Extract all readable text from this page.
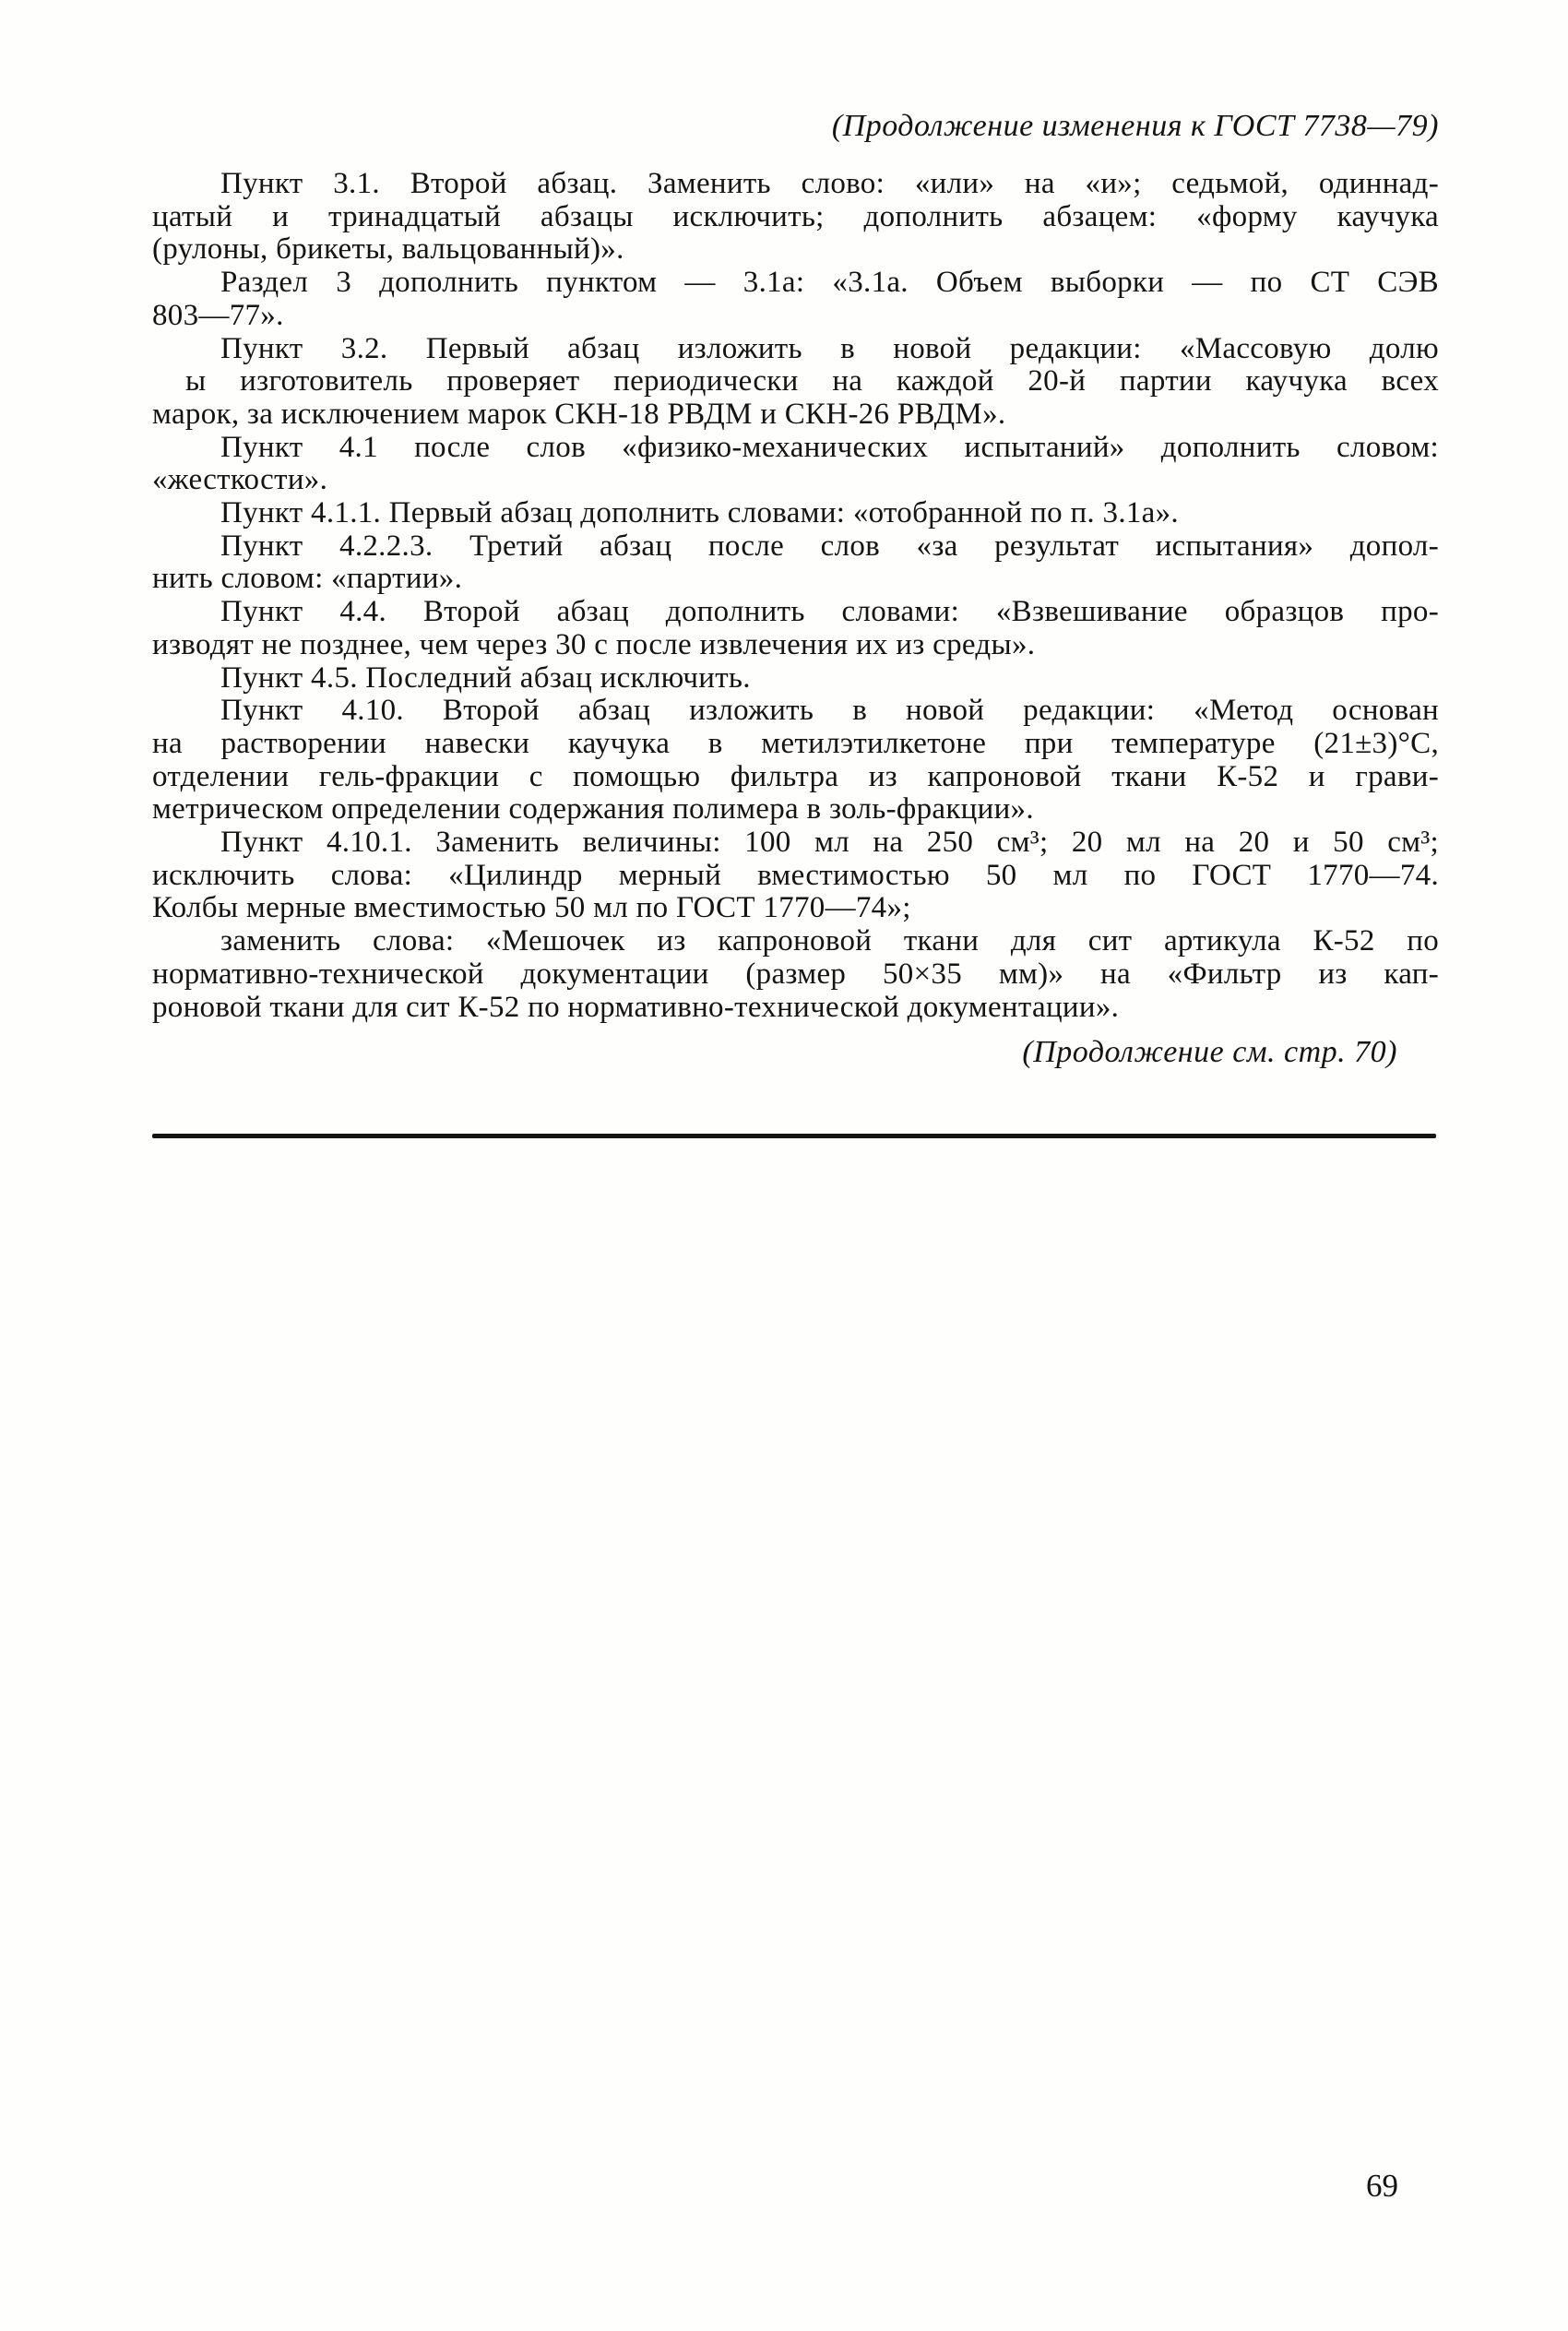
(Продолжение изменения к ГОСТ 7738—79)
Пункт 3.1. Второй абзац. Заменить слово: «или» на «и»; седьмой, одиннад-
цатый и тринадцатый абзацы исключить; дополнить абзацем: «форму каучука
(рулоны, брикеты, вальцованный)».
Раздел 3 дополнить пунктом — 3.1а: «3.1а. Объем выборки — по СТ СЭВ
803—77».
Пункт 3.2. Первый абзац изложить в новой редакции: «Массовую долю
ы изготовитель проверяет периодически на каждой 20-й партии каучука всех
марок, за исключением марок СКН-18 РВДМ и СКН-26 РВДМ».
Пункт 4.1 после слов «физико-механических испытаний» дополнить словом:
«жесткости».
Пункт 4.1.1. Первый абзац дополнить словами: «отобранной по п. 3.1а».
Пункт 4.2.2.3. Третий абзац после слов «за результат испытания» допол-
нить словом: «партии».
Пункт 4.4. Второй абзац дополнить словами: «Взвешивание образцов про-
изводят не позднее, чем через 30 с после извлечения их из среды».
Пункт 4.5. Последний абзац исключить.
Пункт 4.10. Второй абзац изложить в новой редакции: «Метод основан
на растворении навески каучука в метилэтилкетоне при температуре (21±3)°С,
отделении гель-фракции с помощью фильтра из капроновой ткани К-52 и грави-
метрическом определении содержания полимера в золь-фракции».
Пункт 4.10.1. Заменить величины: 100 мл на 250 см³; 20 мл на 20 и 50 см³;
исключить слова: «Цилиндр мерный вместимостью 50 мл по ГОСТ 1770—74.
Колбы мерные вместимостью 50 мл по ГОСТ 1770—74»;
заменить слова: «Мешочек из капроновой ткани для сит артикула К-52 по
нормативно-технической документации (размер 50×35 мм)» на «Фильтр из кап-
роновой ткани для сит К-52 по нормативно-технической документации».
(Продолжение см. стр. 70)
69
